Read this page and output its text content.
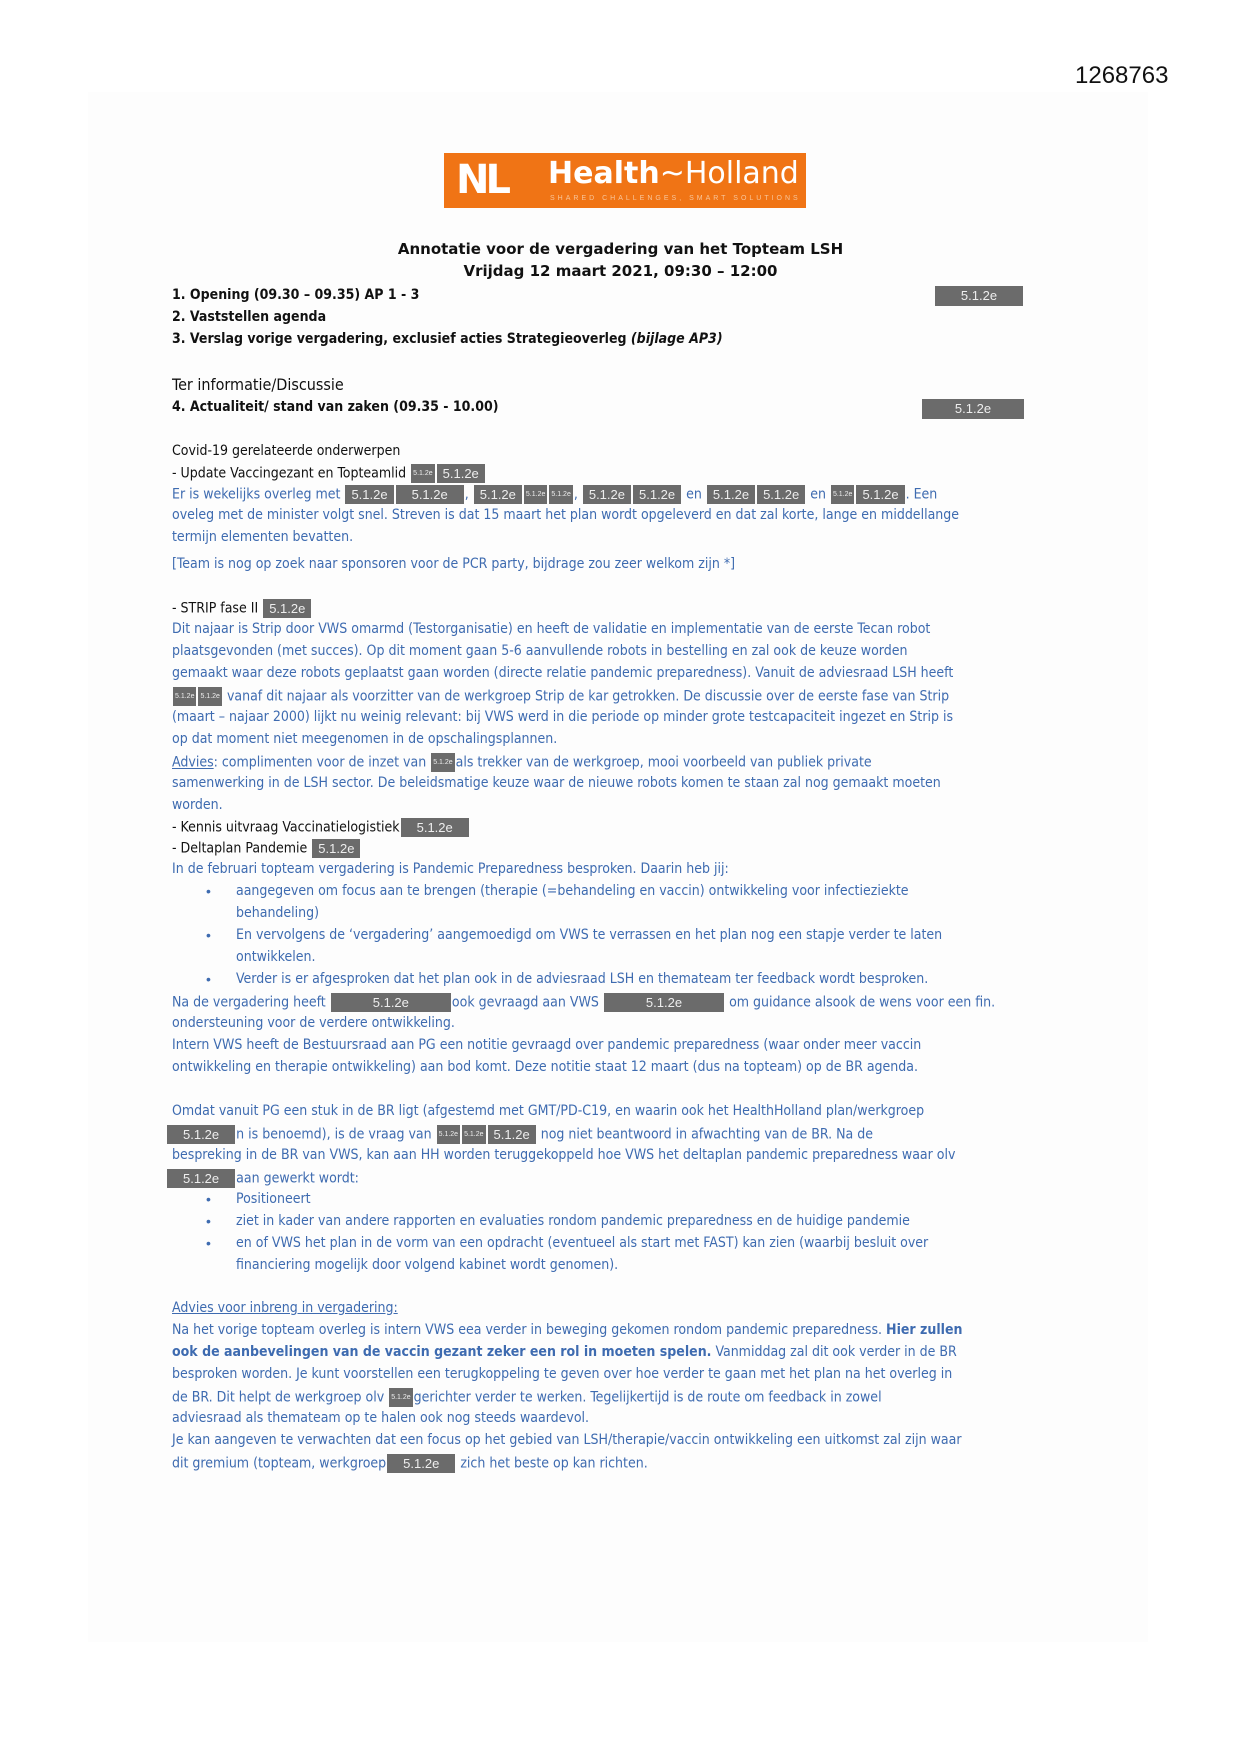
1268763
NL Health~Holland
SHARED CHALLENGES, SMART SOLUTIONS
Annotatie voor de vergadering van het Topteam LSH
Vrijdag 12 maart 2021, 09:30 – 12:00
1. Opening (09.30 – 09.35) AP 1 - 3	5.1.2e
2. Vaststellen agenda
3. Verslag vorige vergadering, exclusief acties Strategieoverleg (bijlage AP3)
Ter informatie/Discussie
4. Actualiteit/ stand van zaken (09.35 - 10.00)	5.1.2e
Covid-19 gerelateerde onderwerpen
- Update Vaccingezant en Topteamlid 5.1.2e 5.1.2e
Er is wekelijks overleg met 5.1.2e 5.1.2e , 5.1.2e 5.1.2e 5.1.2e , 5.1.2e 5.1.2e en 5.1.2e 5.1.2e en 5.1.2e 5.1.2e . Een
oveleg met de minister volgt snel. Streven is dat 15 maart het plan wordt opgeleverd en dat zal korte, lange en middellange
termijn elementen bevatten.
[Team is nog op zoek naar sponsoren voor de PCR party, bijdrage zou zeer welkom zijn *]
- STRIP fase II 5.1.2e
Dit najaar is Strip door VWS omarmd (Testorganisatie) en heeft de validatie en implementatie van de eerste Tecan robot
plaatsgevonden (met succes). Op dit moment gaan 5-6 aanvullende robots in bestelling en zal ook de keuze worden
gemaakt waar deze robots geplaatst gaan worden (directe relatie pandemic preparedness). Vanuit de adviesraad LSH heeft
5.1.2e 5.1.2e vanaf dit najaar als voorzitter van de werkgroep Strip de kar getrokken. De discussie over de eerste fase van Strip
(maart – najaar 2000) lijkt nu weinig relevant: bij VWS werd in die periode op minder grote testcapaciteit ingezet en Strip is
op dat moment niet meegenomen in de opschalingsplannen.
Advies: complimenten voor de inzet van 5.1.2e als trekker van de werkgroep, mooi voorbeeld van publiek private
samenwerking in de LSH sector. De beleidsmatige keuze waar de nieuwe robots komen te staan zal nog gemaakt moeten
worden.
- Kennis uitvraag Vaccinatielogistiek 5.1.2e
- Deltaplan Pandemie 5.1.2e
In de februari topteam vergadering is Pandemic Preparedness besproken. Daarin heb jij:
• aangegeven om focus aan te brengen (therapie (=behandeling en vaccin) ontwikkeling voor infectieziekte
behandeling)
• En vervolgens de ‘vergadering’ aangemoedigd om VWS te verrassen en het plan nog een stapje verder te laten
ontwikkelen.
• Verder is er afgesproken dat het plan ook in de adviesraad LSH en themateam ter feedback wordt besproken.
Na de vergadering heeft	5.1.2e	ook gevraagd aan VWS	5.1.2e	om guidance alsook de wens voor een fin.
ondersteuning voor de verdere ontwikkeling.
Intern VWS heeft de Bestuursraad aan PG een notitie gevraagd over pandemic preparedness (waar onder meer vaccin
ontwikkeling en therapie ontwikkeling) aan bod komt. Deze notitie staat 12 maart (dus na topteam) op de BR agenda.
Omdat vanuit PG een stuk in de BR ligt (afgestemd met GMT/PD-C19, en waarin ook het HealthHolland plan/werkgroep
5.1.2e n is benoemd), is de vraag van 5.1.2e 5.1.2e 5.1.2e nog niet beantwoord in afwachting van de BR. Na de
bespreking in de BR van VWS, kan aan HH worden teruggekoppeld hoe VWS het deltaplan pandemic preparedness waar olv
5.1.2e aan gewerkt wordt:
• Positioneert
• ziet in kader van andere rapporten en evaluaties rondom pandemic preparedness en de huidige pandemie
• en of VWS het plan in de vorm van een opdracht (eventueel als start met FAST) kan zien (waarbij besluit over
financiering mogelijk door volgend kabinet wordt genomen).
Advies voor inbreng in vergadering:
Na het vorige topteam overleg is intern VWS eea verder in beweging gekomen rondom pandemic preparedness. Hier zullen
ook de aanbevelingen van de vaccin gezant zeker een rol in moeten spelen. Vanmiddag zal dit ook verder in de BR
besproken worden. Je kunt voorstellen een terugkoppeling te geven over hoe verder te gaan met het plan na het overleg in
de BR. Dit helpt de werkgroep olv 5.1.2e gerichter verder te werken. Tegelijkertijd is de route om feedback in zowel
adviesraad als themateam op te halen ook nog steeds waardevol.
Je kan aangeven te verwachten dat een focus op het gebied van LSH/therapie/vaccin ontwikkeling een uitkomst zal zijn waar
dit gremium (topteam, werkgroep 5.1.2e zich het beste op kan richten.
